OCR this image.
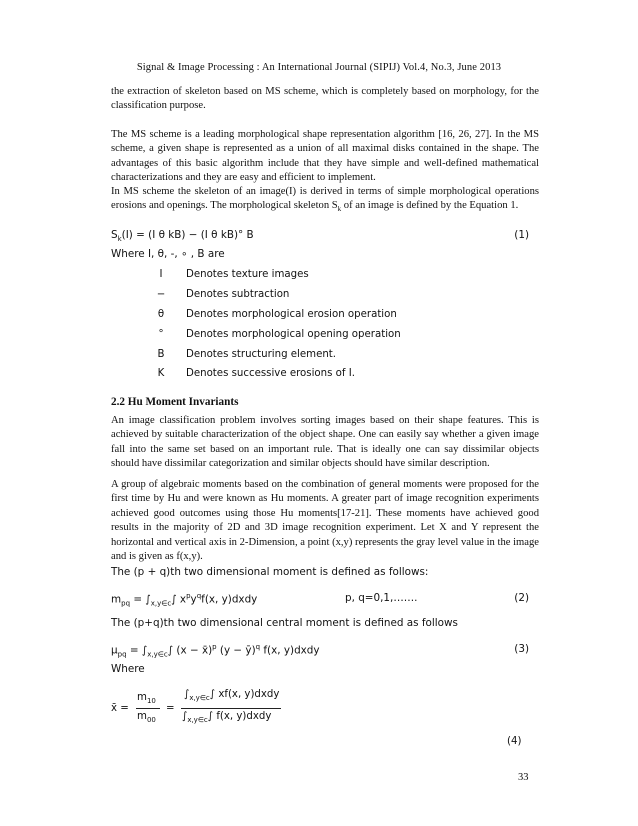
Signal & Image Processing : An International Journal (SIPIJ) Vol.4, No.3, June 2013

the extraction of skeleton based on MS scheme, which is completely based on morphology, for the classification purpose.

The MS scheme is a leading morphological shape representation algorithm [16, 26, 27]. In the MS scheme, a given shape is represented as a union of all maximal disks contained in the shape. The advantages of this basic algorithm include that they have simple and well-defined mathematical characterizations and they are easy and efficient to implement.

In MS scheme the skeleton of an image(I) is derived in terms of simple morphological operations erosions and openings. The morphological skeleton $S_k$ of an image is defined by the Equation 1.

$S_k(I) = (I$ θ kB) − (I θ kB)° B	(1)
Where I, θ, -, ∘ , B are
I	Denotes texture images
−	Denotes subtraction
θ	Denotes morphological erosion operation
°	Denotes morphological opening operation
B	Denotes structuring element.
K	Denotes successive erosions of I.
2.2 Hu Moment Invariants

An image classification problem involves sorting images based on their shape features. This is achieved by suitable characterization of the object shape. One can easily say whether a given image fall into the same set based on an important rule. That is ideally one can say dissimilar objects should have dissimilar categorization and similar objects should have similar description.

A group of algebraic moments based on the combination of general moments were proposed for the first time by Hu and were known as Hu moments. A greater part of image recognition experiments achieved good outcomes using those Hu moments[17-21]. These moments have achieved good results in the majority of 2D and 3D image recognition experiment. Let X and Y represent the horizontal and vertical axis in 2-Dimension, a point (x,y) represents the gray level value in the image and is given as f(x,y).

The (p + q)th two dimensional moment is defined as follows:
$m_{pq} = \int_{x,y\in c}\int$ $x^py^qf(x$, y)dxdy	p, q=0,1,…….	(2)
The (p+q)th two dimensional central moment is defined as follows
$\mu_{pq} = \int_{x,y\in c}\int$ (x − x̄)$^p$ (y − ȳ)$^q$ f(x, y)dxdy	(3)
Where
x̄ =
$m_{10}$
$m_{00}$
=
$\int_{x,y\in c}\int$ xf(x, y)dxdy
$\int_{x,y\in c}\int$ f(x, y)dxdy
(4)
33
